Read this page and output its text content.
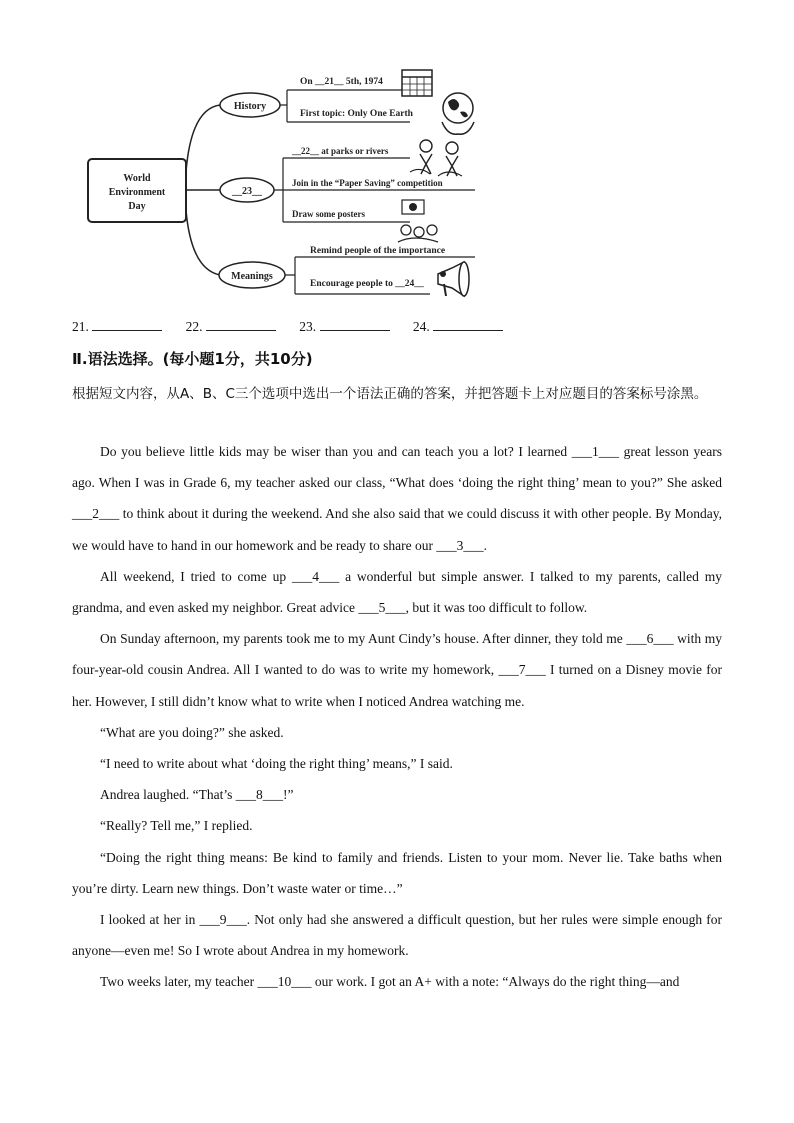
World
Environment
Day
History
On __21__ 5th, 1974
First topic: Only One Earth
__23__
__22__ at parks or rivers
Join in the “Paper Saving” competition
Draw some posters
Meanings
Remind people of the importance
Encourage people to __24__
21.	22.	23.	24.
Ⅱ.语法选择。(每小题1分，共10分)
根据短文内容，从A、B、C三个选项中选出一个语法正确的答案，并把答题卡上对应题目的答案标号涂黑。

Do you believe little kids may be wiser than you and can teach you a lot? I learned ___1___ great lesson years ago. When I was in Grade 6, my teacher asked our class, “What does ‘doing the right thing’ mean to you?” She asked ___2___ to think about it during the weekend. And she also said that we could discuss it with other people. By Monday, we would have to hand in our homework and be ready to share our ___3___.

All weekend, I tried to come up ___4___ a wonderful but simple answer. I talked to my parents, called my grandma, and even asked my neighbor. Great advice ___5___, but it was too difficult to follow.

On Sunday afternoon, my parents took me to my Aunt Cindy’s house. After dinner, they told me ___6___ with my four-year-old cousin Andrea. All I wanted to do was to write my homework, ___7___ I turned on a Disney movie for her. However, I still didn’t know what to write when I noticed Andrea watching me.

“What are you doing?” she asked.

“I need to write about what ‘doing the right thing’ means,” I said.

Andrea laughed. “That’s ___8___!”

“Really? Tell me,” I replied.

“Doing the right thing means: Be kind to family and friends. Listen to your mom. Never lie. Take baths when you’re dirty. Learn new things. Don’t waste water or time…”

I looked at her in ___9___. Not only had she answered a difficult question, but her rules were simple enough for anyone—even me! So I wrote about Andrea in my homework.

Two weeks later, my teacher ___10___ our work. I got an A+ with a note: “Always do the right thing—and
